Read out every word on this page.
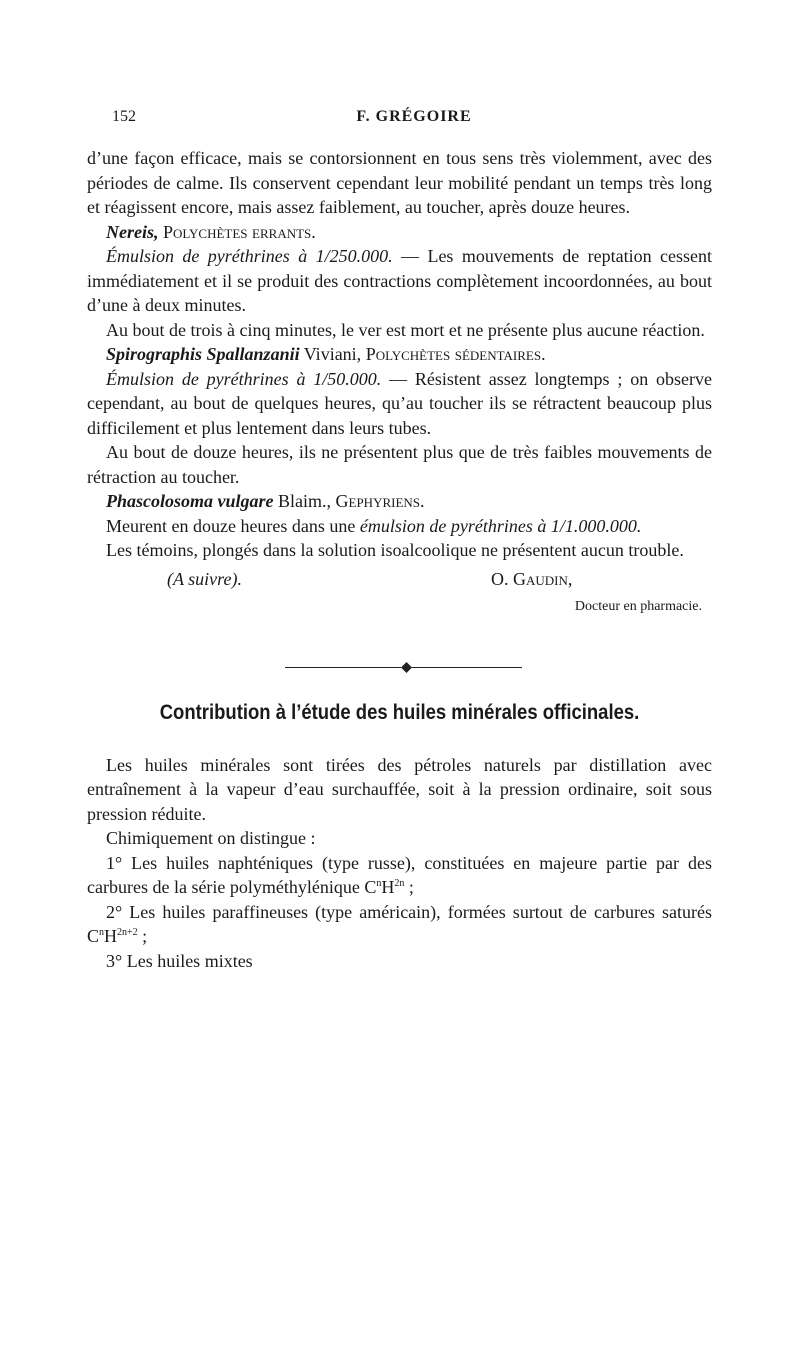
152	F. GRÉGOIRE

d’une façon efficace, mais se contorsionnent en tous sens très violemment, avec des périodes de calme. Ils conservent cependant leur mobilité pendant un temps très long et réagissent encore, mais assez faiblement, au toucher, après douze heures.

Nereis, Polychètes errants.

Émulsion de pyréthrines à 1/250.000. — Les mouvements de reptation cessent immédiatement et il se produit des contractions complètement incoordonnées, au bout d’une à deux minutes.

Au bout de trois à cinq minutes, le ver est mort et ne présente plus aucune réaction.

Spirographis Spallanzanii Viviani, Polychètes sédentaires.

Émulsion de pyréthrines à 1/50.000. — Résistent assez longtemps ; on observe cependant, au bout de quelques heures, qu’au toucher ils se rétractent beaucoup plus difficilement et plus lentement dans leurs tubes.

Au bout de douze heures, ils ne présentent plus que de très faibles mouvements de rétraction au toucher.

Phascolosoma vulgare Blaim., Gephyriens.

Meurent en douze heures dans une émulsion de pyréthrines à 1/1.000.000.

Les témoins, plongés dans la solution isoalcoolique ne présentent aucun trouble.

(A suivre).	O. Gaudin,
Docteur en pharmacie.
Contribution à l’étude des huiles minérales officinales.

Les huiles minérales sont tirées des pétroles naturels par distillation avec entraînement à la vapeur d’eau surchauffée, soit à la pression ordinaire, soit sous pression réduite.

Chimiquement on distingue :

1° Les huiles naphténiques (type russe), constituées en majeure partie par des carbures de la série polyméthylénique $C^nH^{2n}$ ;

2° Les huiles paraffineuses (type américain), formées surtout de carbures saturés $C^nH^{2n+2}$ ;

3° Les huiles mixtes
